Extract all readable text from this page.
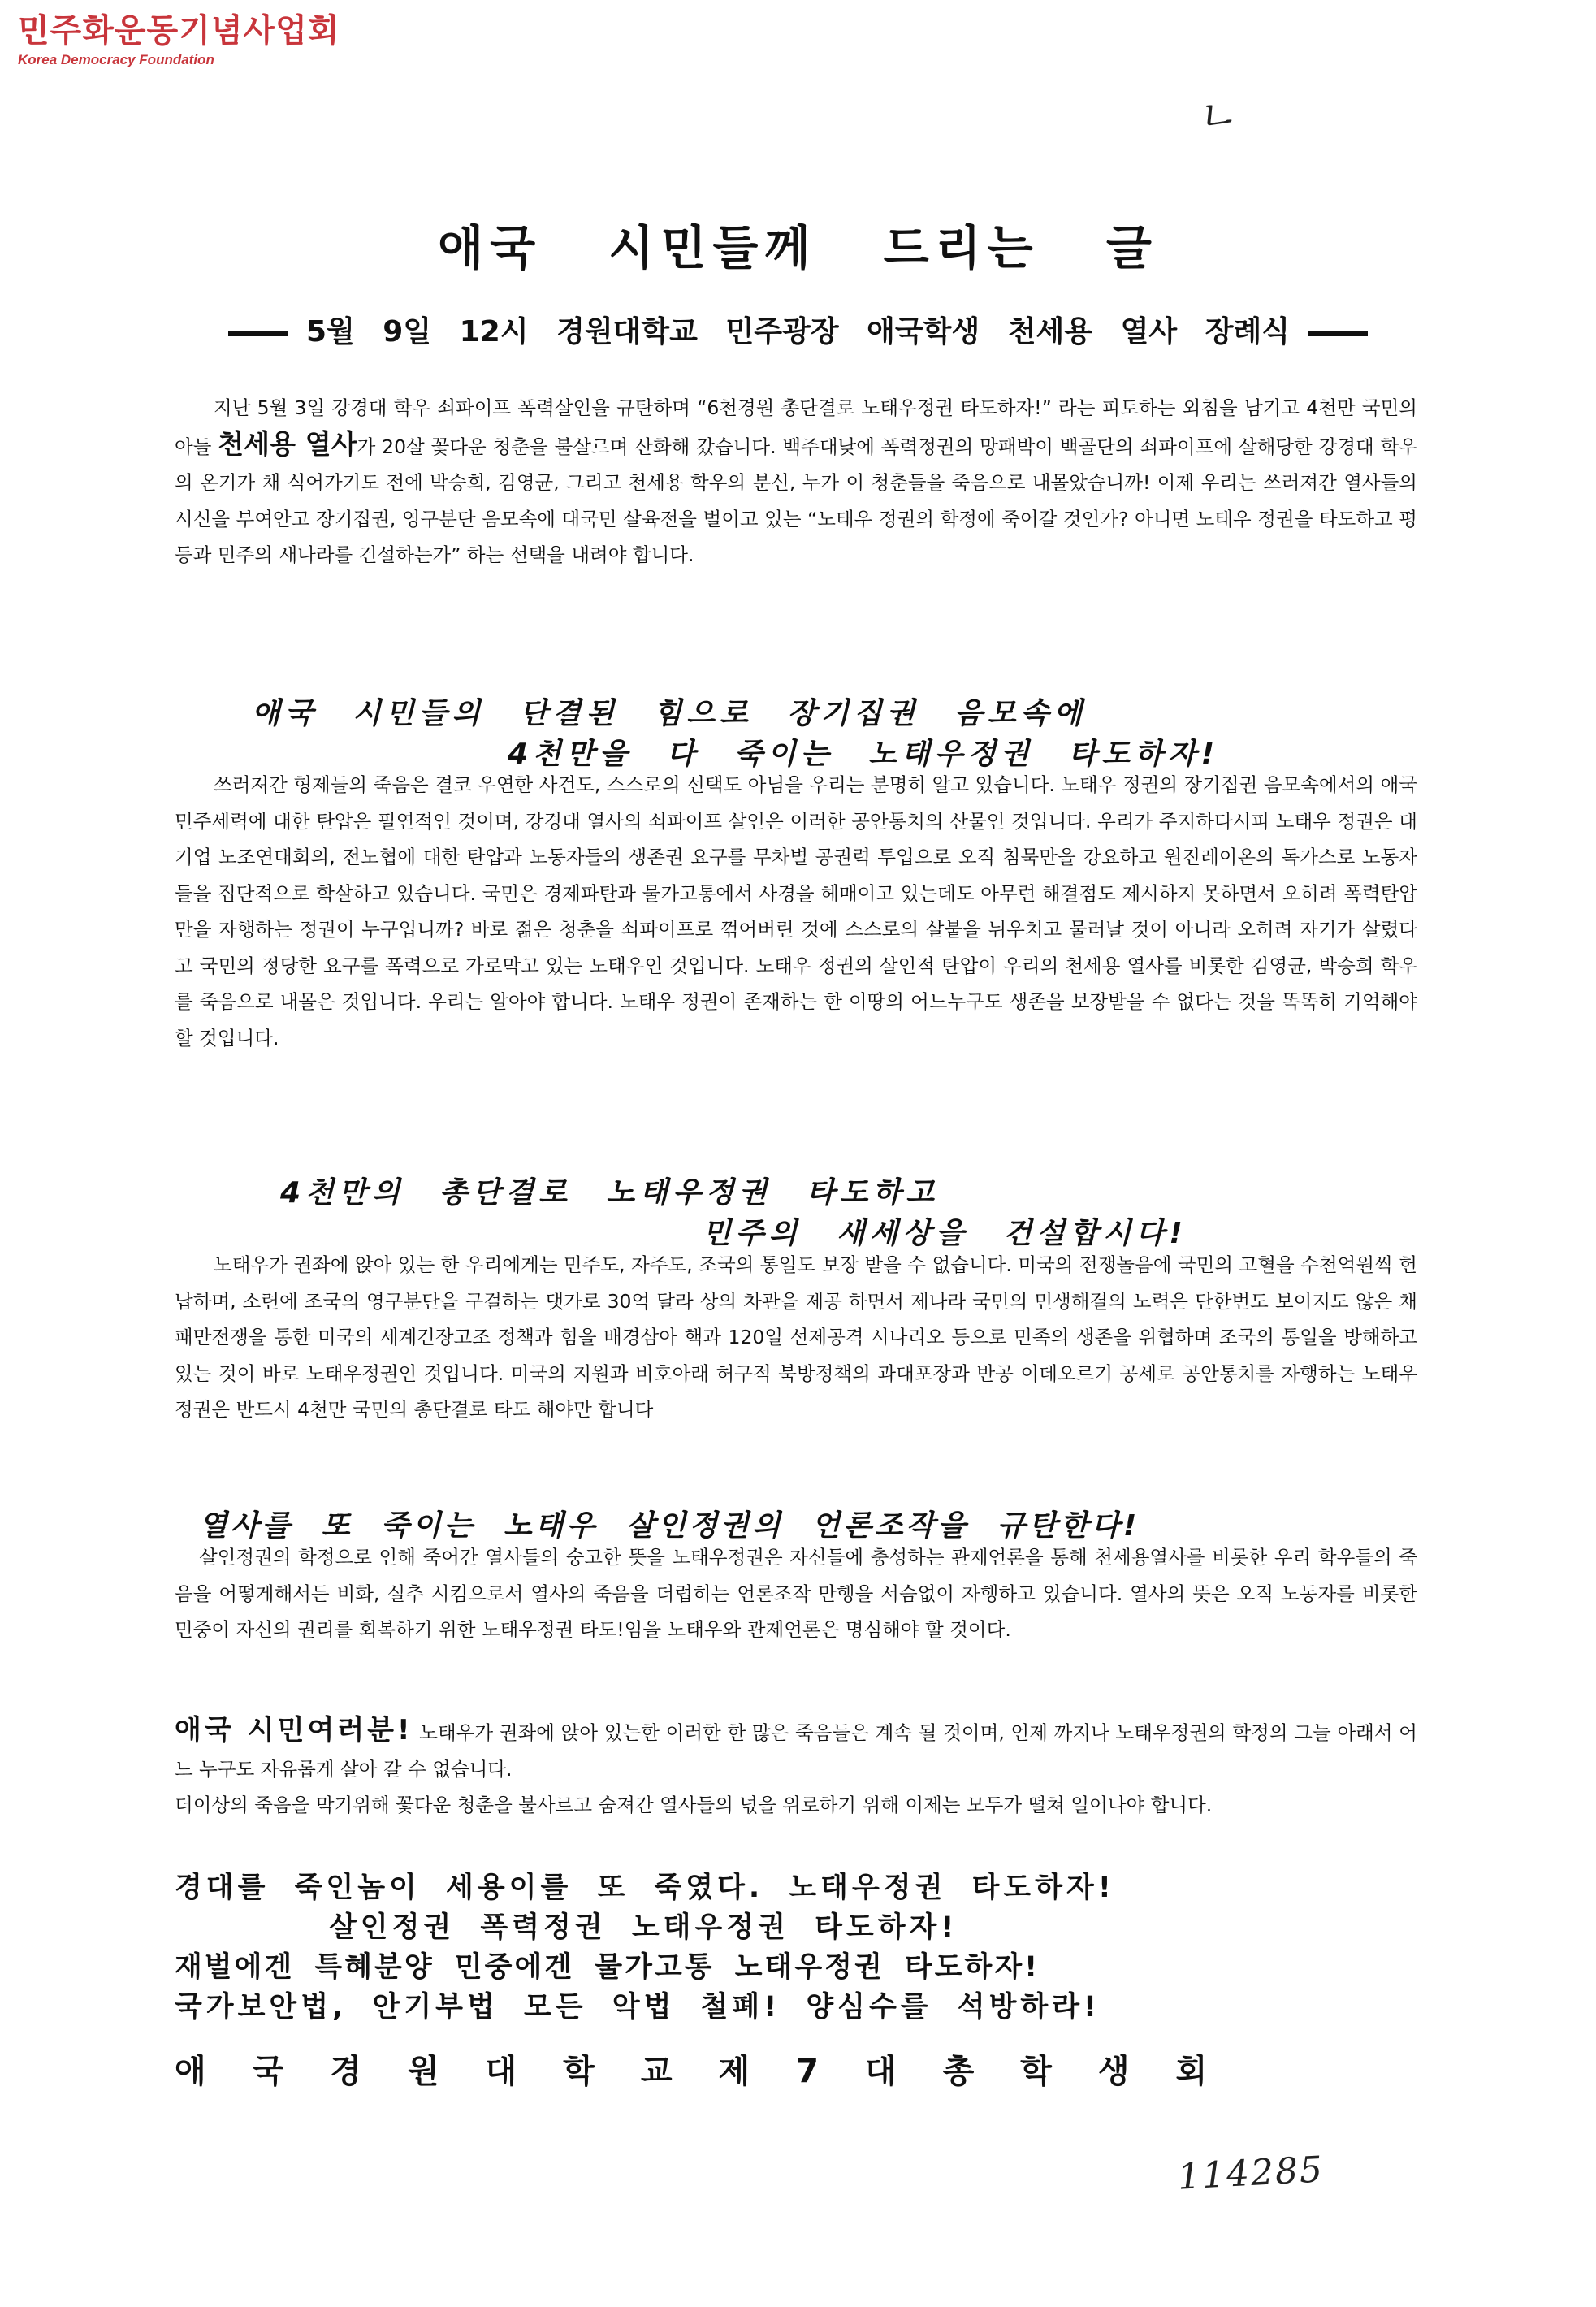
민주화운동기념사업회
Korea Democracy Foundation
ㄴ
114285
애국 시민들께 드리는 글
5월 9일 12시 경원대학교 민주광장 애국학생 천세용 열사 장례식

지난 5월 3일 강경대 학우 쇠파이프 폭력살인을 규탄하며 “6천경원 총단결로 노태우정권 타도하자!” 라는 피토하는 외침을 남기고 4천만 국민의 아들 천세용 열사가 20살 꽃다운 청춘을 불살르며 산화해 갔습니다. 백주대낮에 폭력정권의 망패박이 백골단의 쇠파이프에 살해당한 강경대 학우의 온기가 채 식어가기도 전에 박승희, 김영균, 그리고 천세용 학우의 분신, 누가 이 청춘들을 죽음으로 내몰았습니까! 이제 우리는 쓰러져간 열사들의 시신을 부여안고 장기집권, 영구분단 음모속에 대국민 살육전을 벌이고 있는 “노태우 정권의 학정에 죽어갈 것인가? 아니면 노태우 정권을 타도하고 평등과 민주의 새나라를 건설하는가” 하는 선택을 내려야 합니다.

애국 시민들의 단결된 힘으로 장기집권 음모속에
4천만을 다 죽이는 노태우정권 타도하자!

쓰러져간 형제들의 죽음은 결코 우연한 사건도, 스스로의 선택도 아님을 우리는 분명히 알고 있습니다. 노태우 정권의 장기집권 음모속에서의 애국민주세력에 대한 탄압은 필연적인 것이며, 강경대 열사의 쇠파이프 살인은 이러한 공안통치의 산물인 것입니다. 우리가 주지하다시피 노태우 정권은 대기업 노조연대회의, 전노협에 대한 탄압과 노동자들의 생존권 요구를 무차별 공권력 투입으로 오직 침묵만을 강요하고 원진레이온의 독가스로 노동자들을 집단적으로 학살하고 있습니다. 국민은 경제파탄과 물가고통에서 사경을 헤매이고 있는데도 아무런 해결점도 제시하지 못하면서 오히려 폭력탄압만을 자행하는 정권이 누구입니까? 바로 젊은 청춘을 쇠파이프로 꺾어버린 것에 스스로의 살붙을 뉘우치고 물러날 것이 아니라 오히려 자기가 살렸다고 국민의 정당한 요구를 폭력으로 가로막고 있는 노태우인 것입니다. 노태우 정권의 살인적 탄압이 우리의 천세용 열사를 비롯한 김영균, 박승희 학우를 죽음으로 내몰은 것입니다. 우리는 알아야 합니다. 노태우 정권이 존재하는 한 이땅의 어느누구도 생존을 보장받을 수 없다는 것을 똑똑히 기억해야 할 것입니다.

4천만의 총단결로 노태우정권 타도하고
민주의 새세상을 건설합시다!

노태우가 권좌에 앉아 있는 한 우리에게는 민주도, 자주도, 조국의 통일도 보장 받을 수 없습니다. 미국의 전쟁놀음에 국민의 고혈을 수천억원씩 헌납하며, 소련에 조국의 영구분단을 구걸하는 댓가로 30억 달라 상의 차관을 제공 하면서 제나라 국민의 민생해결의 노력은 단한번도 보이지도 않은 채 패만전쟁을 통한 미국의 세계긴장고조 정책과 힘을 배경삼아 핵과 120일 선제공격 시나리오 등으로 민족의 생존을 위협하며 조국의 통일을 방해하고 있는 것이 바로 노태우정권인 것입니다. 미국의 지원과 비호아래 허구적 북방정책의 과대포장과 반공 이데오르기 공세로 공안통치를 자행하는 노태우정권은 반드시 4천만 국민의 총단결로 타도 해야만 합니다

열사를 또 죽이는 노태우 살인정권의 언론조작을 규탄한다!

살인정권의 학정으로 인해 죽어간 열사들의 숭고한 뜻을 노태우정권은 자신들에 충성하는 관제언론을 통해 천세용열사를 비롯한 우리 학우들의 죽음을 어떻게해서든 비화, 실추 시킴으로서 열사의 죽음을 더럽히는 언론조작 만행을 서슴없이 자행하고 있습니다. 열사의 뜻은 오직 노동자를 비롯한 민중이 자신의 권리를 회복하기 위한 노태우정권 타도!임을 노태우와 관제언론은 명심해야 할 것이다.

애국 시민여러분! 노태우가 권좌에 앉아 있는한 이러한 한 많은 죽음들은 계속 될 것이며, 언제 까지나 노태우정권의 학정의 그늘 아래서 어느 누구도 자유롭게 살아 갈 수 없습니다.

더이상의 죽음을 막기위해 꽃다운 청춘을 불사르고 숨져간 열사들의 넋을 위로하기 위해 이제는 모두가 떨쳐 일어나야 합니다.

경대를 죽인놈이 세용이를 또 죽였다. 노태우정권 타도하자!
살인정권 폭력정권 노태우정권 타도하자!
재벌에겐 특혜분양 민중에겐 물가고통 노태우정권 타도하자!
국가보안법, 안기부법 모든 악법 철폐! 양심수를 석방하라!
애국경원대학교제7대총학생회
